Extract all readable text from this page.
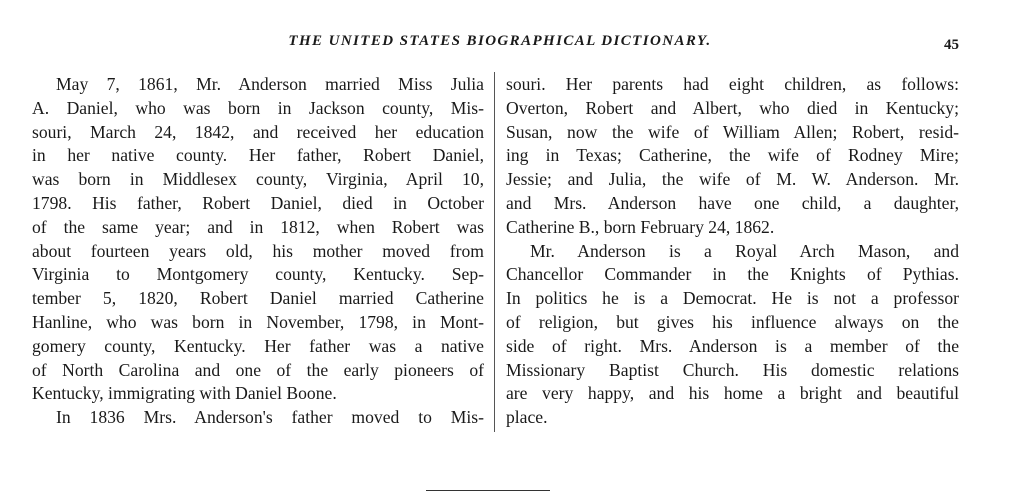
THE UNITED STATES BIOGRAPHICAL DICTIONARY.	45
May 7, 1861, Mr. Anderson married Miss Julia
A. Daniel, who was born in Jackson county, Mis-
souri, March 24, 1842, and received her education
in her native county. Her father, Robert Daniel,
was born in Middlesex county, Virginia, April 10,
1798. His father, Robert Daniel, died in October
of the same year; and in 1812, when Robert was
about fourteen years old, his mother moved from
Virginia to Montgomery county, Kentucky. Sep-
tember 5, 1820, Robert Daniel married Catherine
Hanline, who was born in November, 1798, in Mont-
gomery county, Kentucky. Her father was a native
of North Carolina and one of the early pioneers of
Kentucky, immigrating with Daniel Boone.
In 1836 Mrs. Anderson's father moved to Mis-
souri. Her parents had eight children, as follows:
Overton, Robert and Albert, who died in Kentucky;
Susan, now the wife of William Allen; Robert, resid-
ing in Texas; Catherine, the wife of Rodney Mire;
Jessie; and Julia, the wife of M. W. Anderson. Mr.
and Mrs. Anderson have one child, a daughter,
Catherine B., born February 24, 1862.
Mr. Anderson is a Royal Arch Mason, and
Chancellor Commander in the Knights of Pythias.
In politics he is a Democrat. He is not a professor
of religion, but gives his influence always on the
side of right. Mrs. Anderson is a member of the
Missionary Baptist Church. His domestic relations
are very happy, and his home a bright and beautiful
place.
